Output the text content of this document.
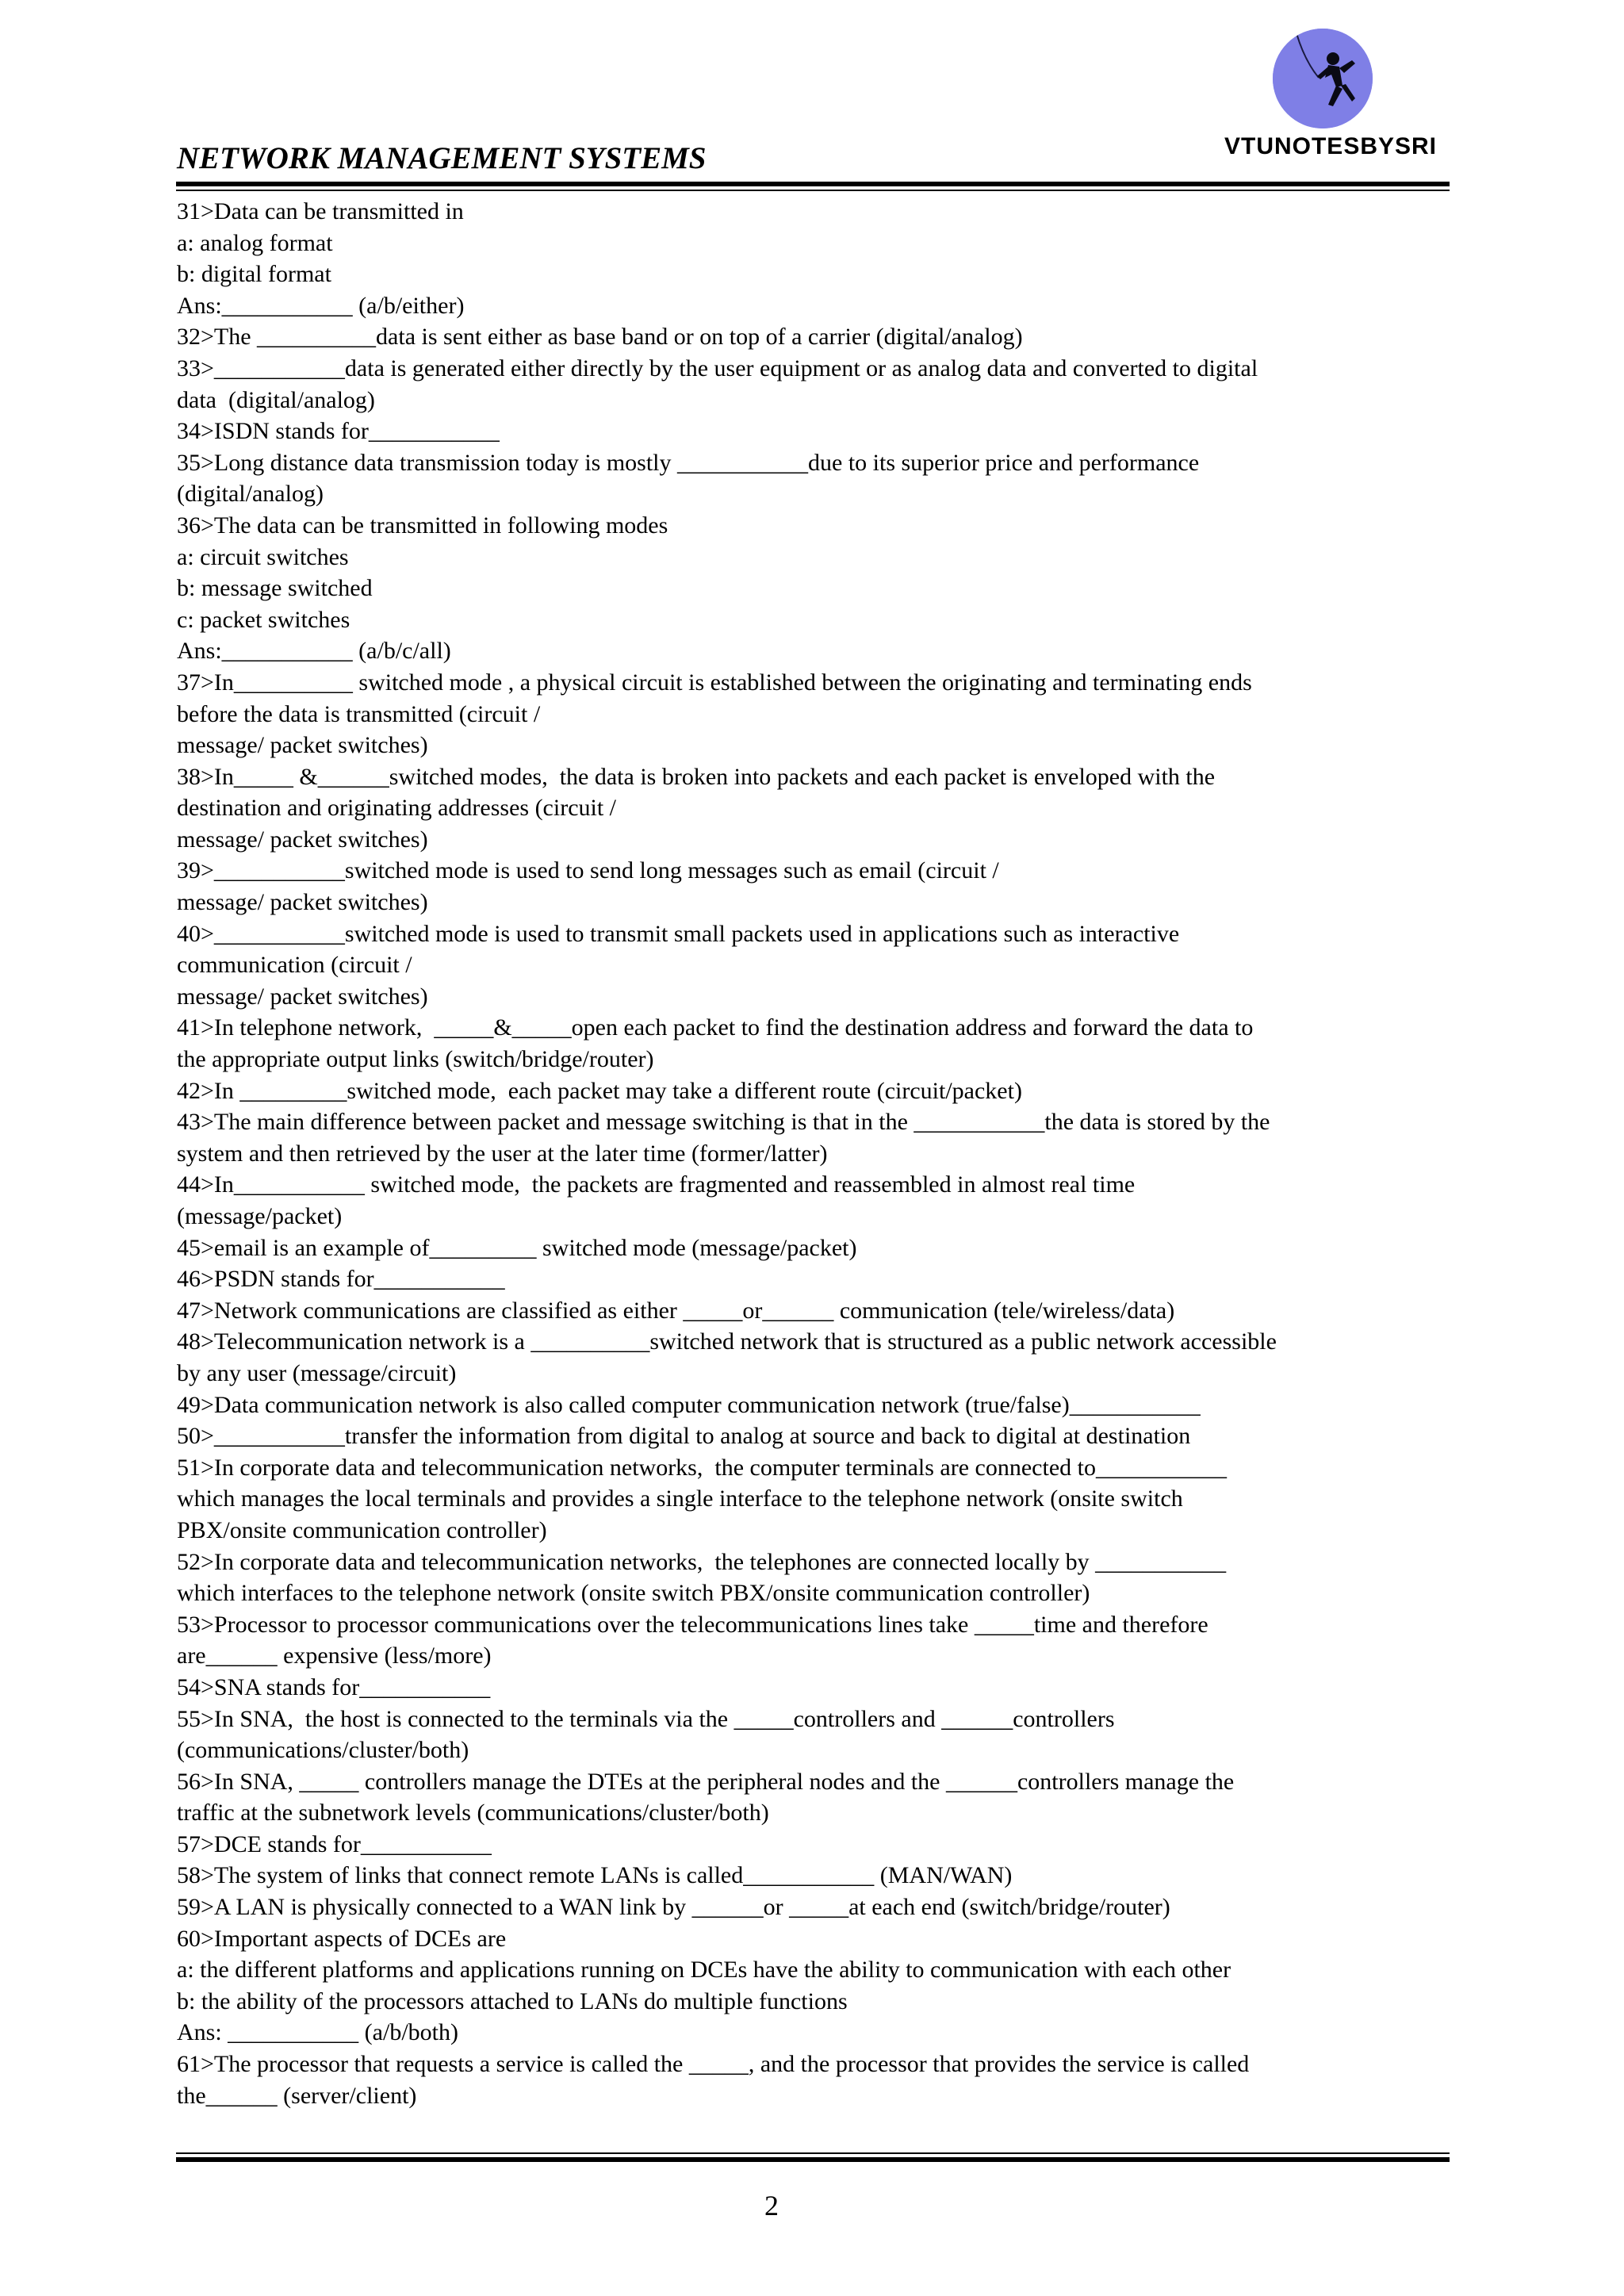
VTUNOTESBYSRI
NETWORK MANAGEMENT SYSTEMS
31>Data can be transmitted in
a: analog format
b: digital format
Ans:___________ (a/b/either)
32>The __________data is sent either as base band or on top of a carrier (digital/analog)
33>___________data is generated either directly by the user equipment or as analog data and converted to digital
data  (digital/analog)
34>ISDN stands for___________
35>Long distance data transmission today is mostly ___________due to its superior price and performance
(digital/analog)
36>The data can be transmitted in following modes
a: circuit switches
b: message switched
c: packet switches
Ans:___________ (a/b/c/all)
37>In__________ switched mode , a physical circuit is established between the originating and terminating ends
before the data is transmitted (circuit /
message/ packet switches)
38>In_____ &______switched modes,  the data is broken into packets and each packet is enveloped with the
destination and originating addresses (circuit /
message/ packet switches)
39>___________switched mode is used to send long messages such as email (circuit /
message/ packet switches)
40>___________switched mode is used to transmit small packets used in applications such as interactive
communication (circuit /
message/ packet switches)
41>In telephone network,  _____&_____open each packet to find the destination address and forward the data to
the appropriate output links (switch/bridge/router)
42>In _________switched mode,  each packet may take a different route (circuit/packet)
43>The main difference between packet and message switching is that in the ___________the data is stored by the
system and then retrieved by the user at the later time (former/latter)
44>In___________ switched mode,  the packets are fragmented and reassembled in almost real time
(message/packet)
45>email is an example of_________ switched mode (message/packet)
46>PSDN stands for___________
47>Network communications are classified as either _____or______ communication (tele/wireless/data)
48>Telecommunication network is a __________switched network that is structured as a public network accessible
by any user (message/circuit)
49>Data communication network is also called computer communication network (true/false)___________
50>___________transfer the information from digital to analog at source and back to digital at destination
51>In corporate data and telecommunication networks,  the computer terminals are connected to___________
which manages the local terminals and provides a single interface to the telephone network (onsite switch
PBX/onsite communication controller)
52>In corporate data and telecommunication networks,  the telephones are connected locally by ___________
which interfaces to the telephone network (onsite switch PBX/onsite communication controller)
53>Processor to processor communications over the telecommunications lines take _____time and therefore
are______ expensive (less/more)
54>SNA stands for___________
55>In SNA,  the host is connected to the terminals via the _____controllers and ______controllers
(communications/cluster/both)
56>In SNA, _____ controllers manage the DTEs at the peripheral nodes and the ______controllers manage the
traffic at the subnetwork levels (communications/cluster/both)
57>DCE stands for___________
58>The system of links that connect remote LANs is called___________ (MAN/WAN)
59>A LAN is physically connected to a WAN link by ______or _____at each end (switch/bridge/router)
60>Important aspects of DCEs are
a: the different platforms and applications running on DCEs have the ability to communication with each other
b: the ability of the processors attached to LANs do multiple functions
Ans: ___________ (a/b/both)
61>The processor that requests a service is called the _____, and the processor that provides the service is called
the______ (server/client)
2
